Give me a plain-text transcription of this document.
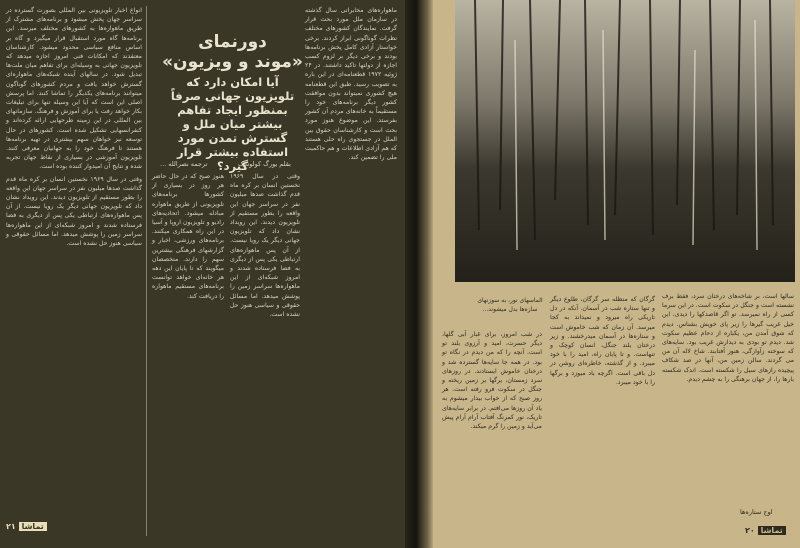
انواع اخبار تلویزیونی بین المللی بصورت گسترده در سراسر جهان پخش میشود و برنامه‌های مشترک از طریق ماهواره‌ها به کشورهای مختلف میرسد. این برنامه‌ها گاه مورد استقبال قرار میگیرد و گاه بر اساس منافع سیاسی محدود میشود. کارشناسان معتقدند که امکانات فنی امروز اجازه میدهد که تلویزیون جهانی به وسیله‌ای برای تفاهم میان ملت‌ها تبدیل شود. در سالهای آینده شبکه‌های ماهواره‌ای گسترش خواهد یافت و مردم کشورهای گوناگون میتوانند برنامه‌های یکدیگر را تماشا کنند. اما پرسش اصلی این است که آیا این وسیله تنها برای تبلیغات بکار خواهد رفت یا برای آموزش و فرهنگ. سازمانهای بین المللی در این زمینه طرحهایی ارائه کرده‌اند و کنفرانسهایی تشکیل شده است. کشورهای در حال توسعه نیز خواهان سهم بیشتری در تهیه برنامه‌ها هستند تا فرهنگ خود را به جهانیان معرفی کنند. تلویزیون آموزشی در بسیاری از نقاط جهان تجربه شده و نتایج آن امیدوار کننده بوده است.

وقتی در سال ۱۹۶۹ نخستین انسان بر کره ماه قدم گذاشت صدها میلیون نفر در سراسر جهان این واقعه را بطور مستقیم از تلویزیون دیدند. این رویداد نشان داد که تلویزیون جهانی دیگر یک رویا نیست. از آن پس ماهواره‌های ارتباطی یکی پس از دیگری به فضا فرستاده شدند و امروز شبکه‌ای از این ماهواره‌ها سراسر زمین را پوشش میدهد. اما مسائل حقوقی و سیاسی هنوز حل نشده است.

دورنمای
«موند و ویزیون»
آیا امکان دارد که تلویزیون جهانی صرفاً بمنظور ایجاد تفاهم بیشتر میان ملل و گسترش تمدن مورد استفاده بیشتر قرار گیرد؟
ترجمه نصرالله ...	بقلم یورگ کولوسک

هنوز صبح که در حال حاضر هر روز در بسیاری از کشورها برنامه‌های تلویزیونی از طریق ماهواره مبادله میشود. اتحادیه‌های رادیو و تلویزیون اروپا و آسیا در این راه همکاری میکنند. برنامه‌های ورزشی، اخبار و گزارشهای فرهنگی بیشترین سهم را دارند. متخصصان میگویند که تا پایان این دهه هر خانه‌ای خواهد توانست برنامه‌های مستقیم ماهواره را دریافت کند.

وقتی در سال ۱۹۶۹ نخستین انسان بر کره ماه قدم گذاشت صدها میلیون نفر در سراسر جهان این واقعه را بطور مستقیم از تلویزیون دیدند. این رویداد نشان داد که تلویزیون جهانی دیگر یک رویا نیست. از آن پس ماهواره‌های ارتباطی یکی پس از دیگری به فضا فرستاده شدند و امروز شبکه‌ای از این ماهواره‌ها سراسر زمین را پوشش میدهد. اما مسائل حقوقی و سیاسی هنوز حل نشده است.

ماهواره‌های مخابراتی سال گذشته در سازمان ملل مورد بحث قرار گرفت. نمایندگان کشورهای مختلف نظرات گوناگونی ابراز کردند. برخی خواستار آزادی کامل پخش برنامه‌ها بودند و برخی دیگر بر لزوم کسب اجازه از دولتها تاکید داشتند. در ۲۴ ژوئیه ۱۹۷۲ قطعنامه‌ای در این باره به تصویب رسید. طبق این قطعنامه هیچ کشوری نمیتواند بدون موافقت کشور دیگر برنامه‌های خود را مستقیماً به خانه‌های مردم آن کشور بفرستد. این موضوع هنوز مورد بحث است و کارشناسان حقوق بین الملل در جستجوی راه حلی هستند که هم آزادی اطلاعات و هم حاکمیت ملی را تضمین کند.

تماشا ۲۱
الماسهای نور، به سوزنهای سازه‌ها بدل میشوند...

در شب امروز، برای غبار آبی گلها، دیگر حسرت، امید و آرزوی بلند تو است. آنچه را که من دیدم در نگاه تو بود. در همه جا سایه‌ها گسترده شد و درختان خاموش ایستادند. در روزهای سرد زمستان، برگها بر زمین ریخته و جنگل در سکوت فرو رفته است. هر روز صبح که از خواب بیدار میشوم به یاد آن روزها می‌افتم. در برابر سایه‌های تاریک، نور کمرنگ آفتاب آرام آرام پیش می‌آید و زمین را گرم میکند.

گرگان که منظله سر گرگان، طلوع دیگر و تنها ستاره شب در آسمان. آنکه در دل تاریکی راه میرود و نمیداند به کجا میرسد. آن زمان که شب خاموش است و ستاره‌ها در آسمان میدرخشند. و زیر درختان بلند جنگل، انسان کوچک و تنهاست. و تا پایان راه، امید را با خود میبرد. و از گذشته، خاطره‌ای روشن در دل باقی است. اگرچه باد میوزد و برگها را با خود میبرد.

سالها است، بر شاخه‌های درختان سرد، فقط برف نشسته است و جنگل در سکوت است. در این سرما کسی از راه نمیرسد. تو اگر قاصدکها را دیدی، این خیل غریب گیرها را زیر پای خویش بشناس. دیدم که شوق آمدن من، یکباره از دحام عظیم سکوت شد. دیدم تو بودی به دیدارش غریب بود. سایه‌های که سوخته زآوارگی، هنوز آفتابند. شاخ لاله آن من می گردند. سالن زمین من، آنها در صد شکاف پیچیده رازهای سیل را شکسته است. اندک شکسته بارها را، از جهان برهنگی را به چشم دیدم.

اوج ستاره‌ها
تماشا ۲۰
